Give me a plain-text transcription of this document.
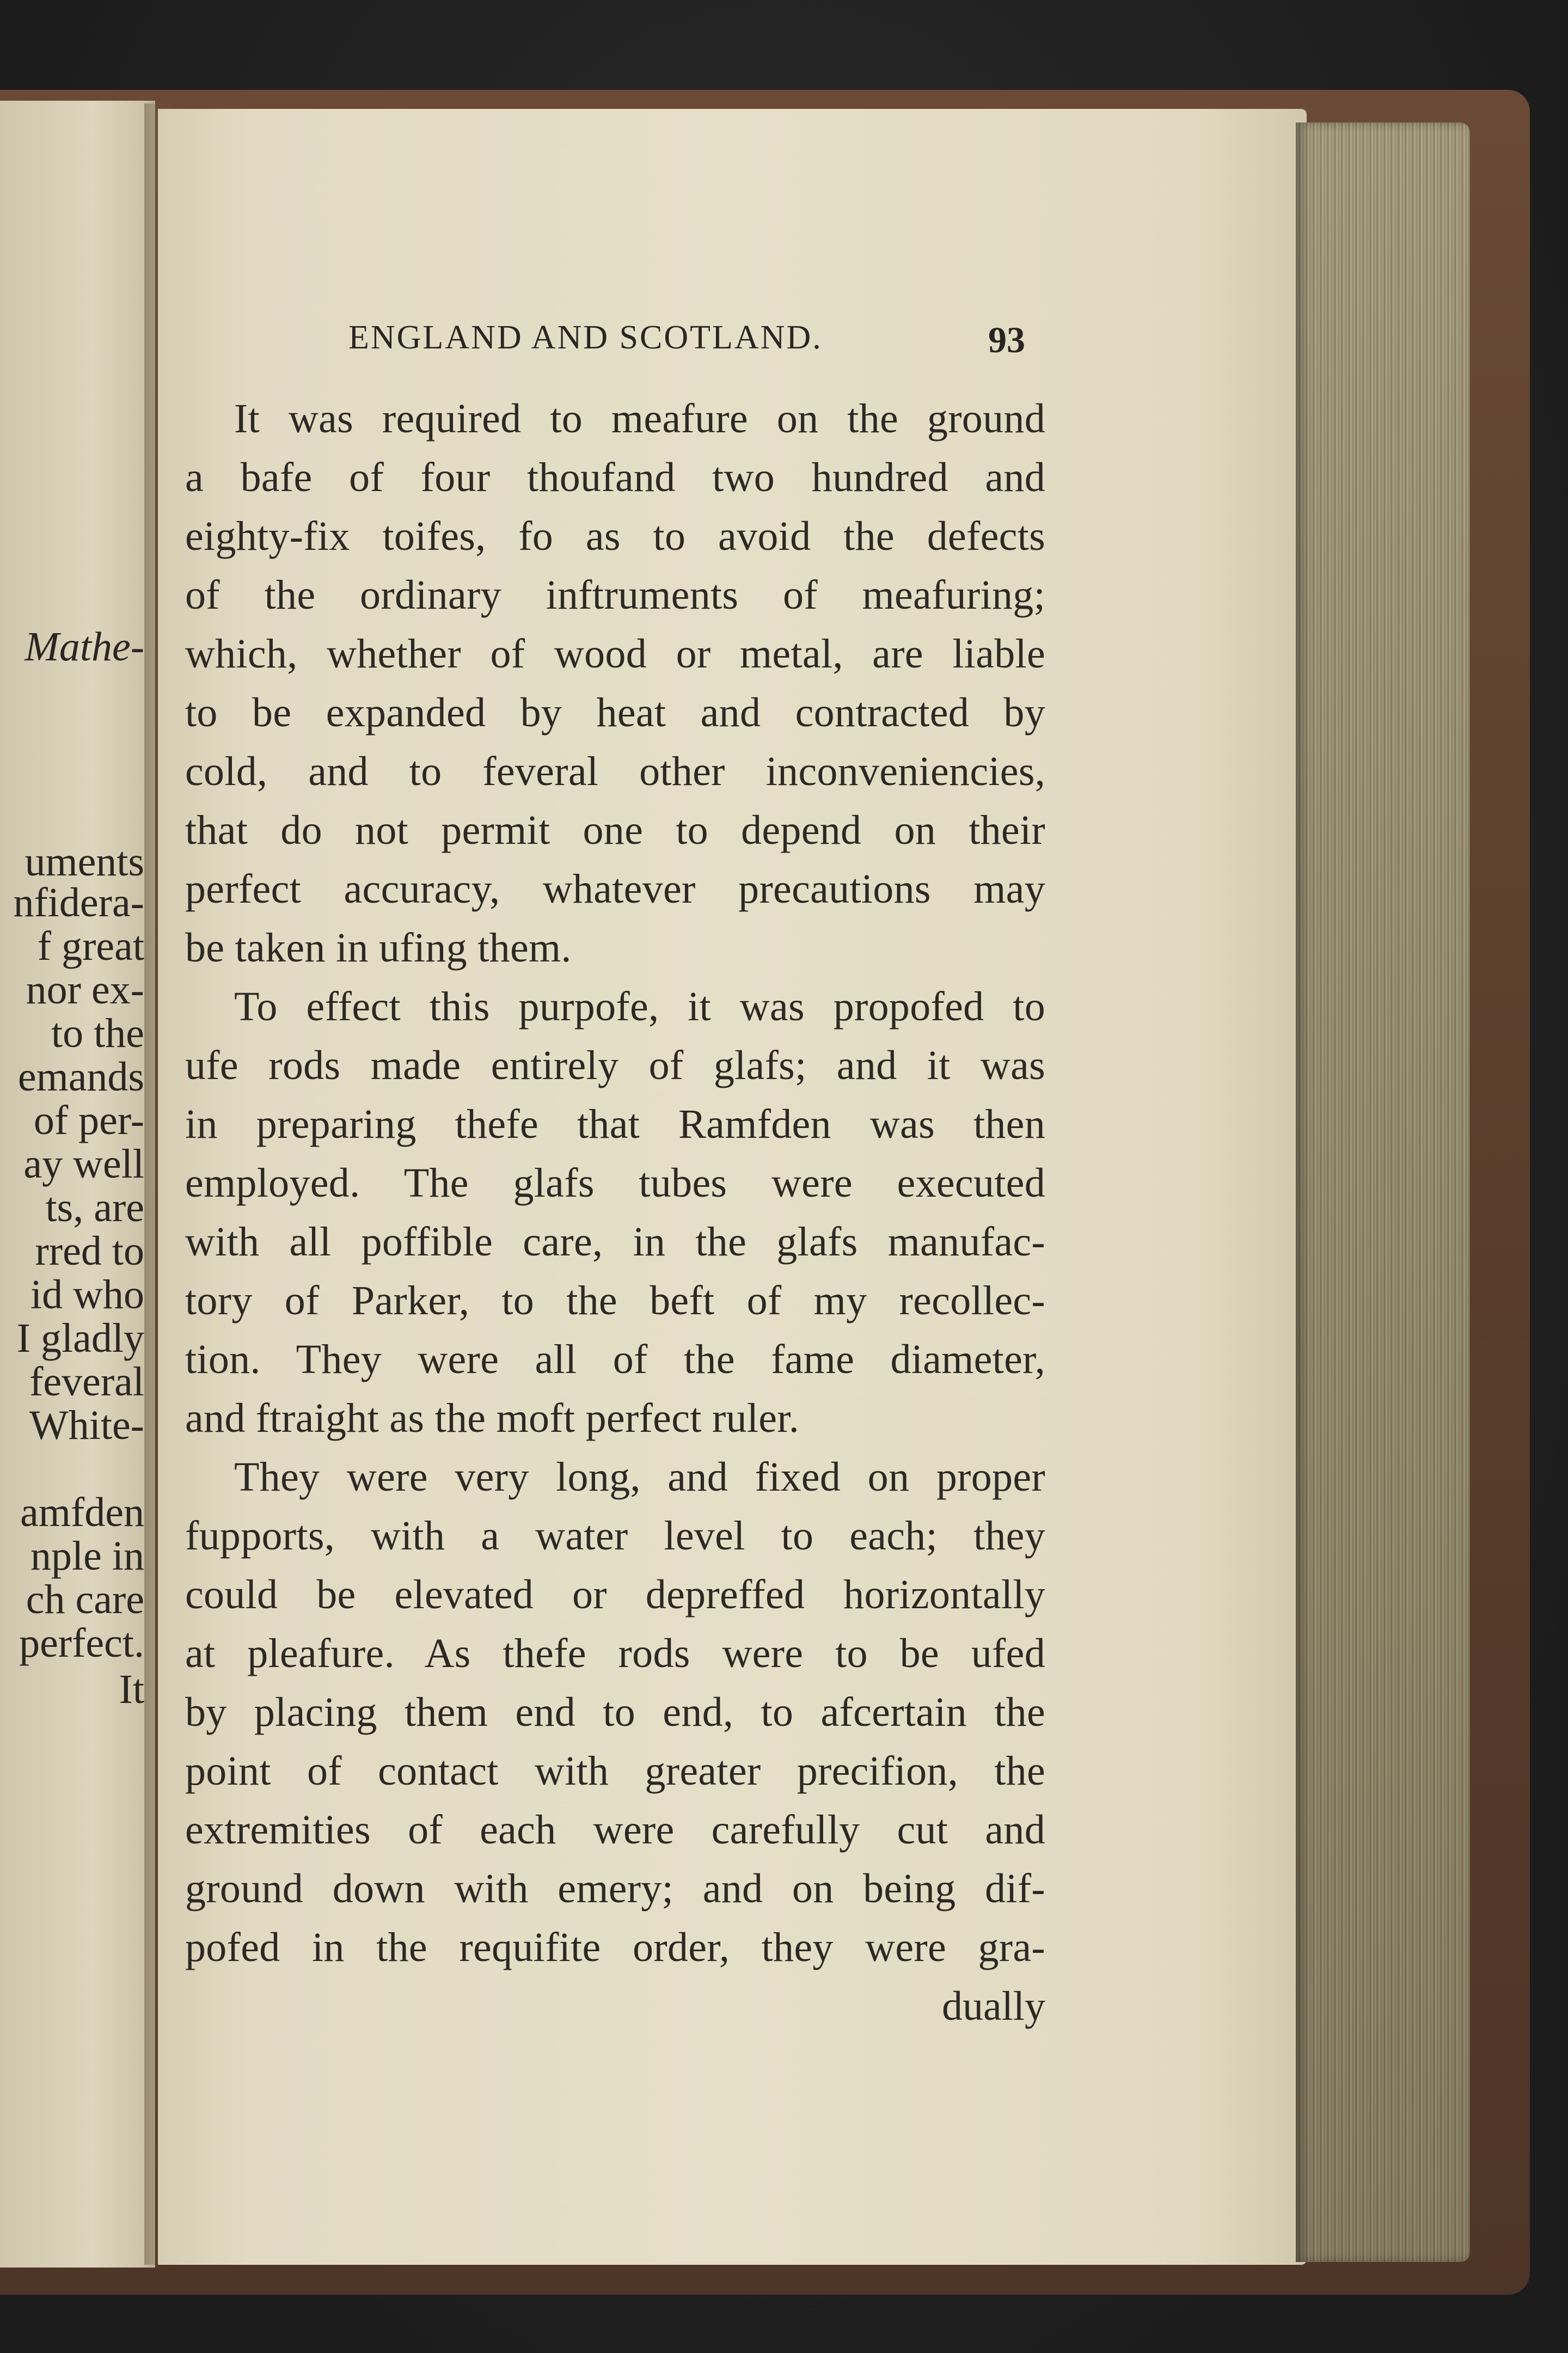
Mathe-
uments
nfidera-
f great
nor ex-
to the
emands
of per-
ay well
ts, are
rred to
id who
I gladly
feveral
White-
amfden
nple in
ch care
perfect.
It
ENGLAND AND SCOTLAND.	93
It was required to meafure on the ground
a bafe of four thoufand two hundred and
eighty-fix toifes, fo as to avoid the defects
of the ordinary inftruments of meafuring;
which, whether of wood or metal, are liable
to be expanded by heat and contracted by
cold, and to feveral other inconveniencies,
that do not permit one to depend on their
perfect accuracy, whatever precautions may
be taken in ufing them.
To effect this purpofe, it was propofed to
ufe rods made entirely of glafs; and it was
in preparing thefe that Ramfden was then
employed. The glafs tubes were executed
with all poffible care, in the glafs manufac-
tory of Parker, to the beft of my recollec-
tion. They were all of the fame diameter,
and ftraight as the moft perfect ruler.
They were very long, and fixed on proper
fupports, with a water level to each; they
could be elevated or depreffed horizontally
at pleafure. As thefe rods were to be ufed
by placing them end to end, to afcertain the
point of contact with greater precifion, the
extremities of each were carefully cut and
ground down with emery; and on being dif-
pofed in the requifite order, they were gra-
dually
